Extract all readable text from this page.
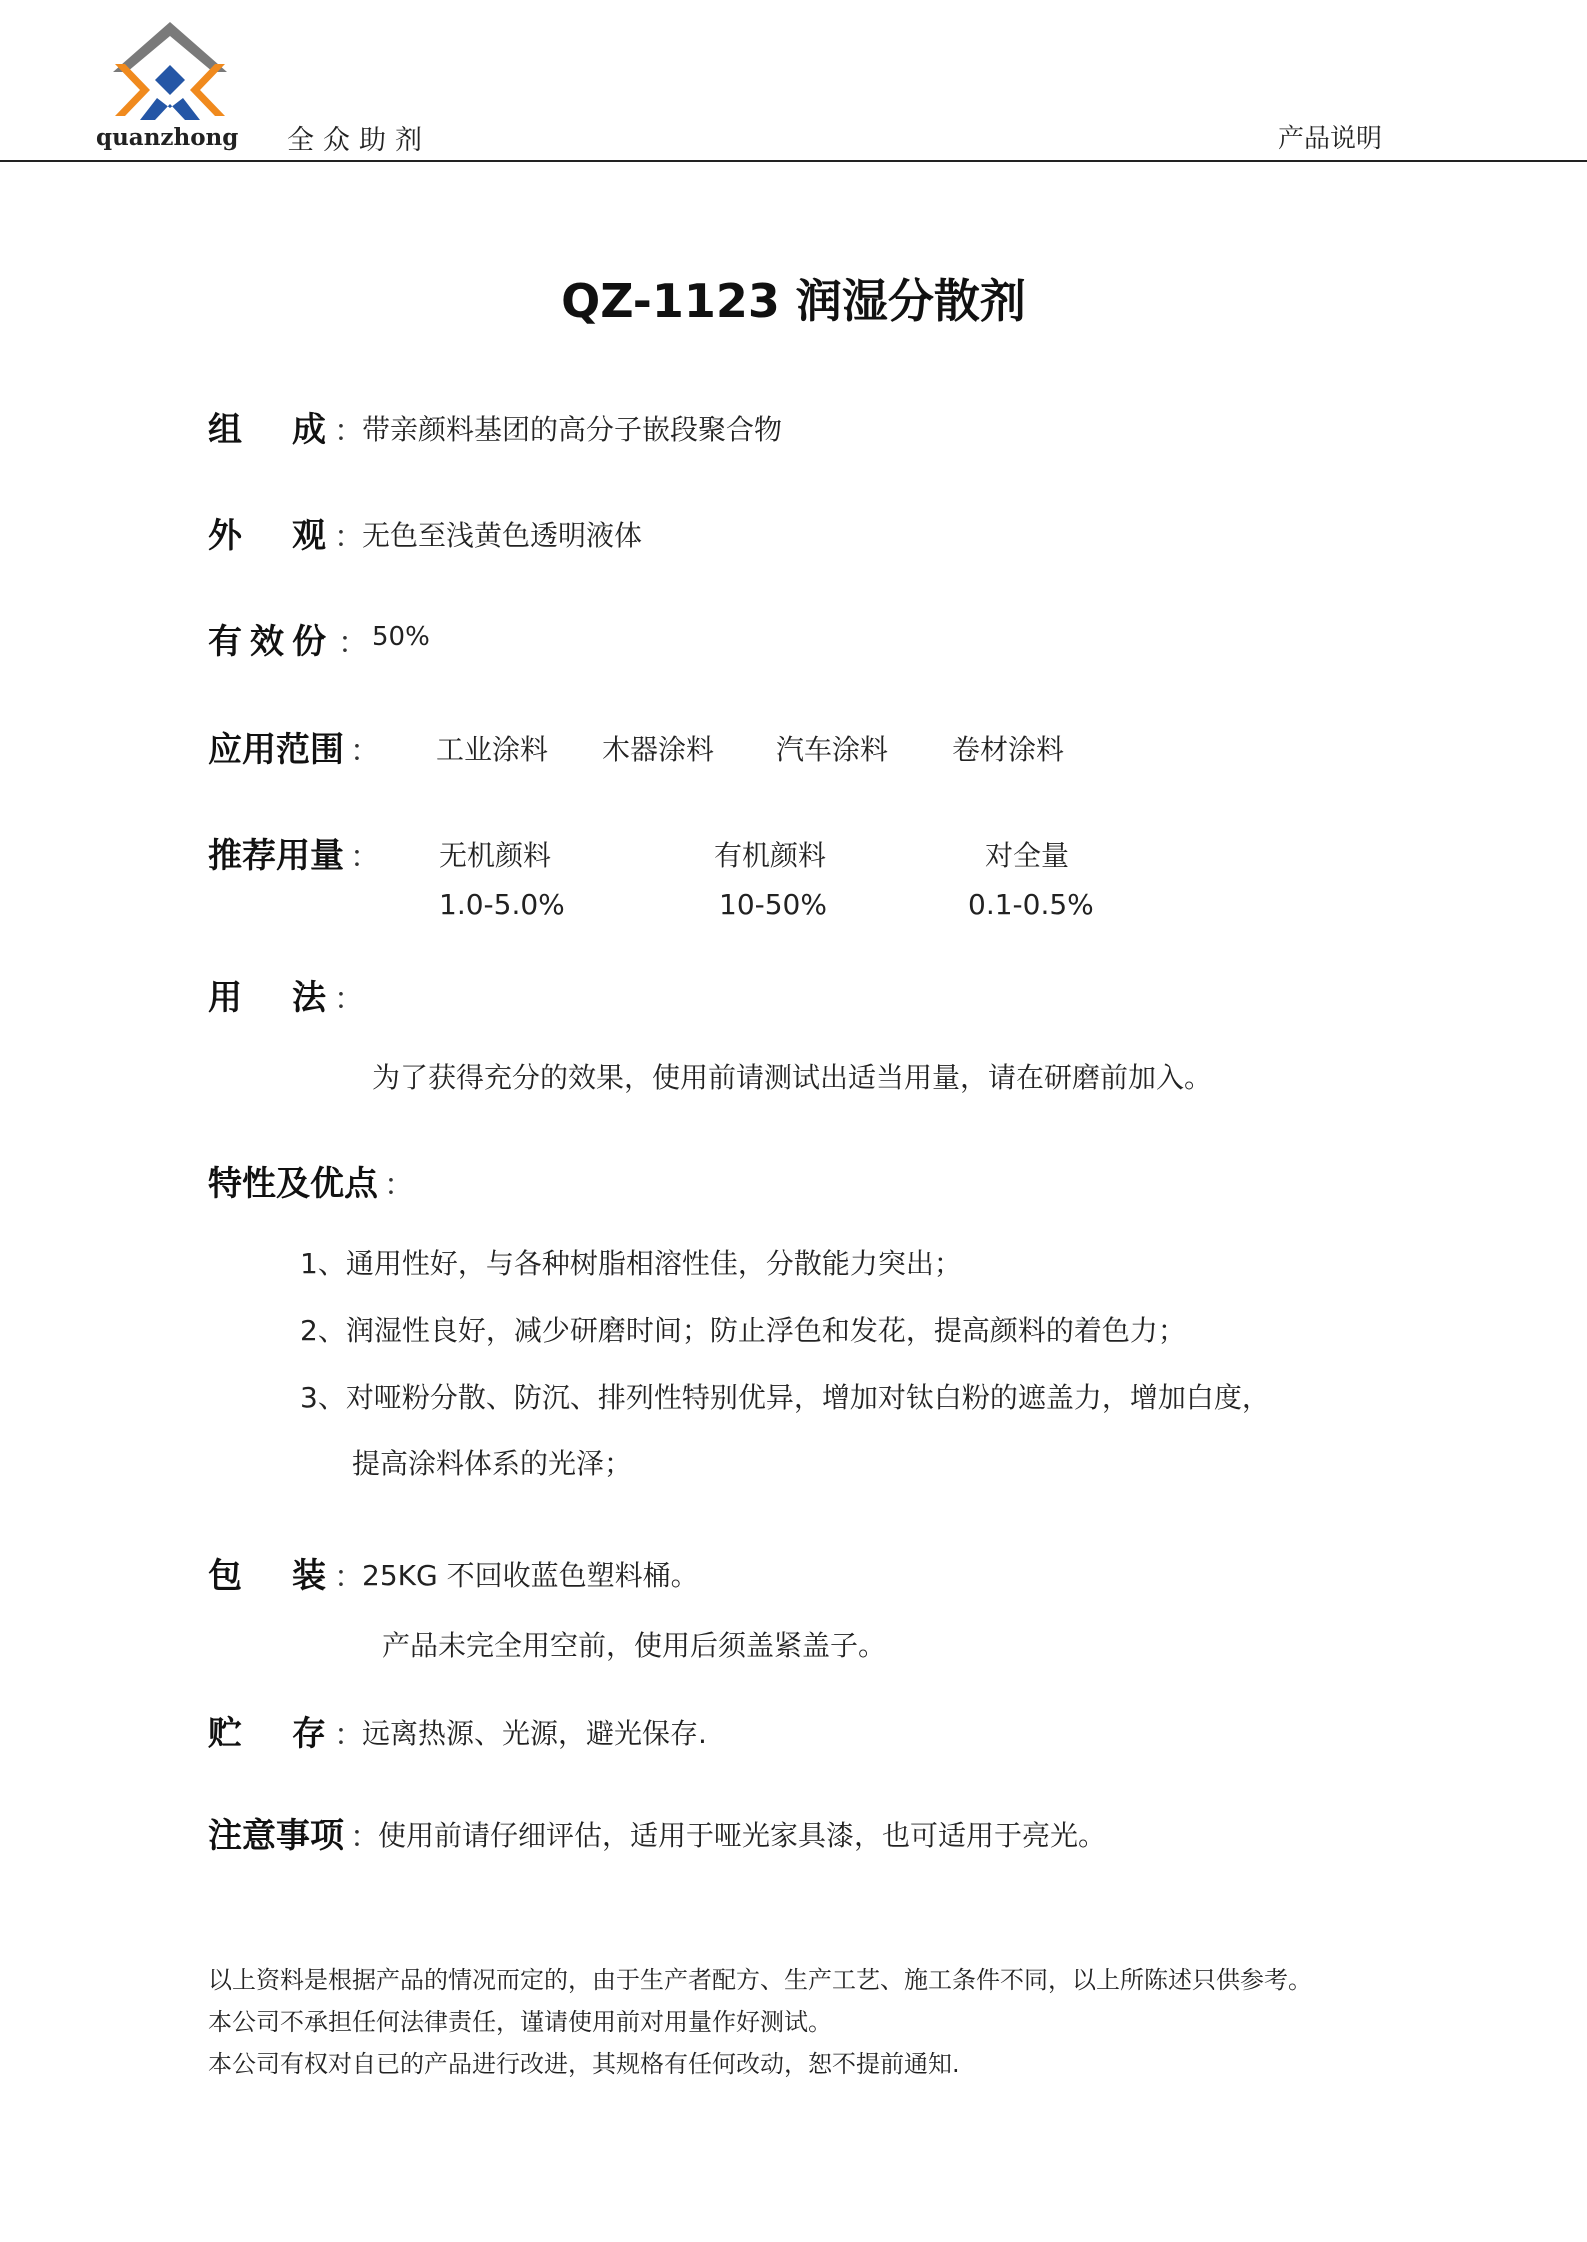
quanzhong 全众助剂	产品说明
QZ-1123 润湿分散剂
组 成 ：
带亲颜料基团的高分子嵌段聚合物
外 观 ：
无色至浅黄色透明液体
有效份 ： 50%
应用范围 ： 工业涂料 木器涂料 汽车涂料 卷材涂料
推荐用量 ： 无机颜料	有机颜料	对全量
1.0-5.0%	10-50%	0.1-0.5%
用 法 ：
为了获得充分的效果，使用前请测试出适当用量，请在研磨前加入。
特性及优点 ：
1、通用性好，与各种树脂相溶性佳，分散能力突出；
2、润湿性良好，减少研磨时间；防止浮色和发花，提高颜料的着色力；
3、对哑粉分散、防沉、排列性特别优异，增加对钛白粉的遮盖力，增加白度，
提高涂料体系的光泽；
包 装 ：
25KG 不回收蓝色塑料桶。
产品未完全用空前，使用后须盖紧盖子。
贮 存 ：
远离热源、光源，避光保存.
注意事项 ：
使用前请仔细评估，适用于哑光家具漆，也可适用于亮光。
以上资料是根据产品的情况而定的，由于生产者配方、生产工艺、施工条件不同，以上所陈述只供参考。
本公司不承担任何法律责任，谨请使用前对用量作好测试。
本公司有权对自已的产品进行改进，其规格有任何改动，恕不提前通知.
